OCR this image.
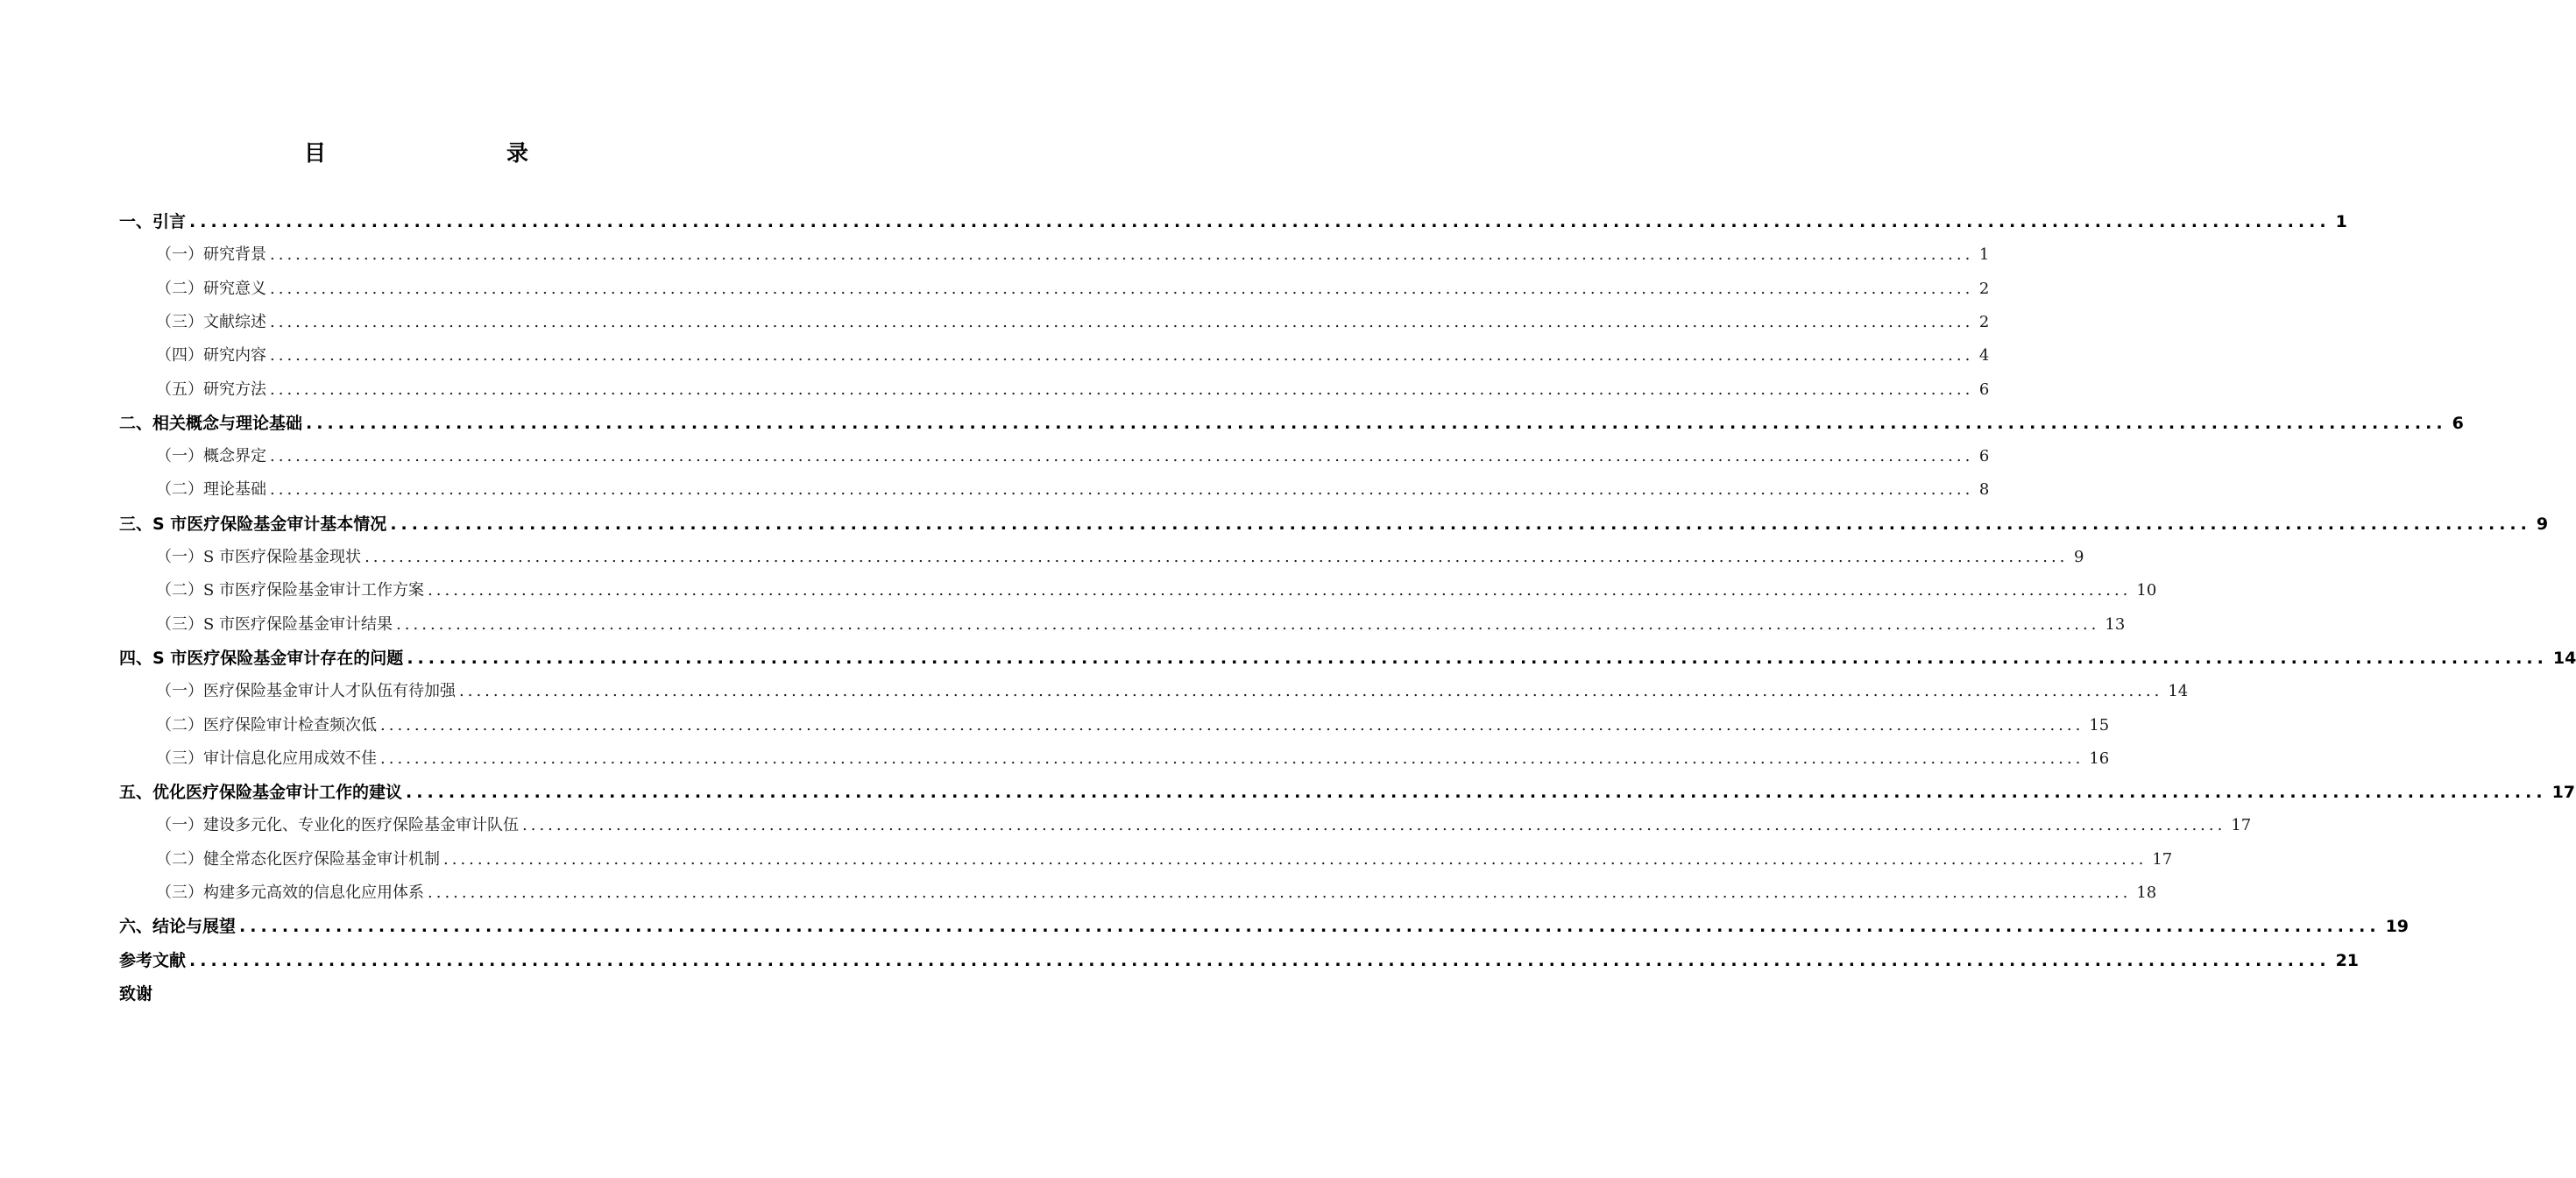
目　　录
一、引言 ........................................................................................................................................................................................................ 1
（一）研究背景 ........................................................................................................................................................................................................ 1
（二）研究意义 ........................................................................................................................................................................................................ 2
（三）文献综述 ........................................................................................................................................................................................................ 2
（四）研究内容 ........................................................................................................................................................................................................ 4
（五）研究方法 ........................................................................................................................................................................................................ 6
二、相关概念与理论基础 ........................................................................................................................................................................................................ 6
（一）概念界定 ........................................................................................................................................................................................................ 6
（二）理论基础 ........................................................................................................................................................................................................ 8
三、S 市医疗保险基金审计基本情况 ........................................................................................................................................................................................................ 9
（一）S 市医疗保险基金现状 ........................................................................................................................................................................................................ 9
（二）S 市医疗保险基金审计工作方案 ........................................................................................................................................................................................................ 10
（三）S 市医疗保险基金审计结果 ........................................................................................................................................................................................................ 13
四、S 市医疗保险基金审计存在的问题 ........................................................................................................................................................................................................ 14
（一）医疗保险基金审计人才队伍有待加强 ........................................................................................................................................................................................................ 14
（二）医疗保险审计检查频次低 ........................................................................................................................................................................................................ 15
（三）审计信息化应用成效不佳 ........................................................................................................................................................................................................ 16
五、优化医疗保险基金审计工作的建议 ........................................................................................................................................................................................................ 17
（一）建设多元化、专业化的医疗保险基金审计队伍 ........................................................................................................................................................................................................ 17
（二）健全常态化医疗保险基金审计机制 ........................................................................................................................................................................................................ 17
（三）构建多元高效的信息化应用体系 ........................................................................................................................................................................................................ 18
六、结论与展望 ........................................................................................................................................................................................................ 19
参考文献 ........................................................................................................................................................................................................ 21
致谢
